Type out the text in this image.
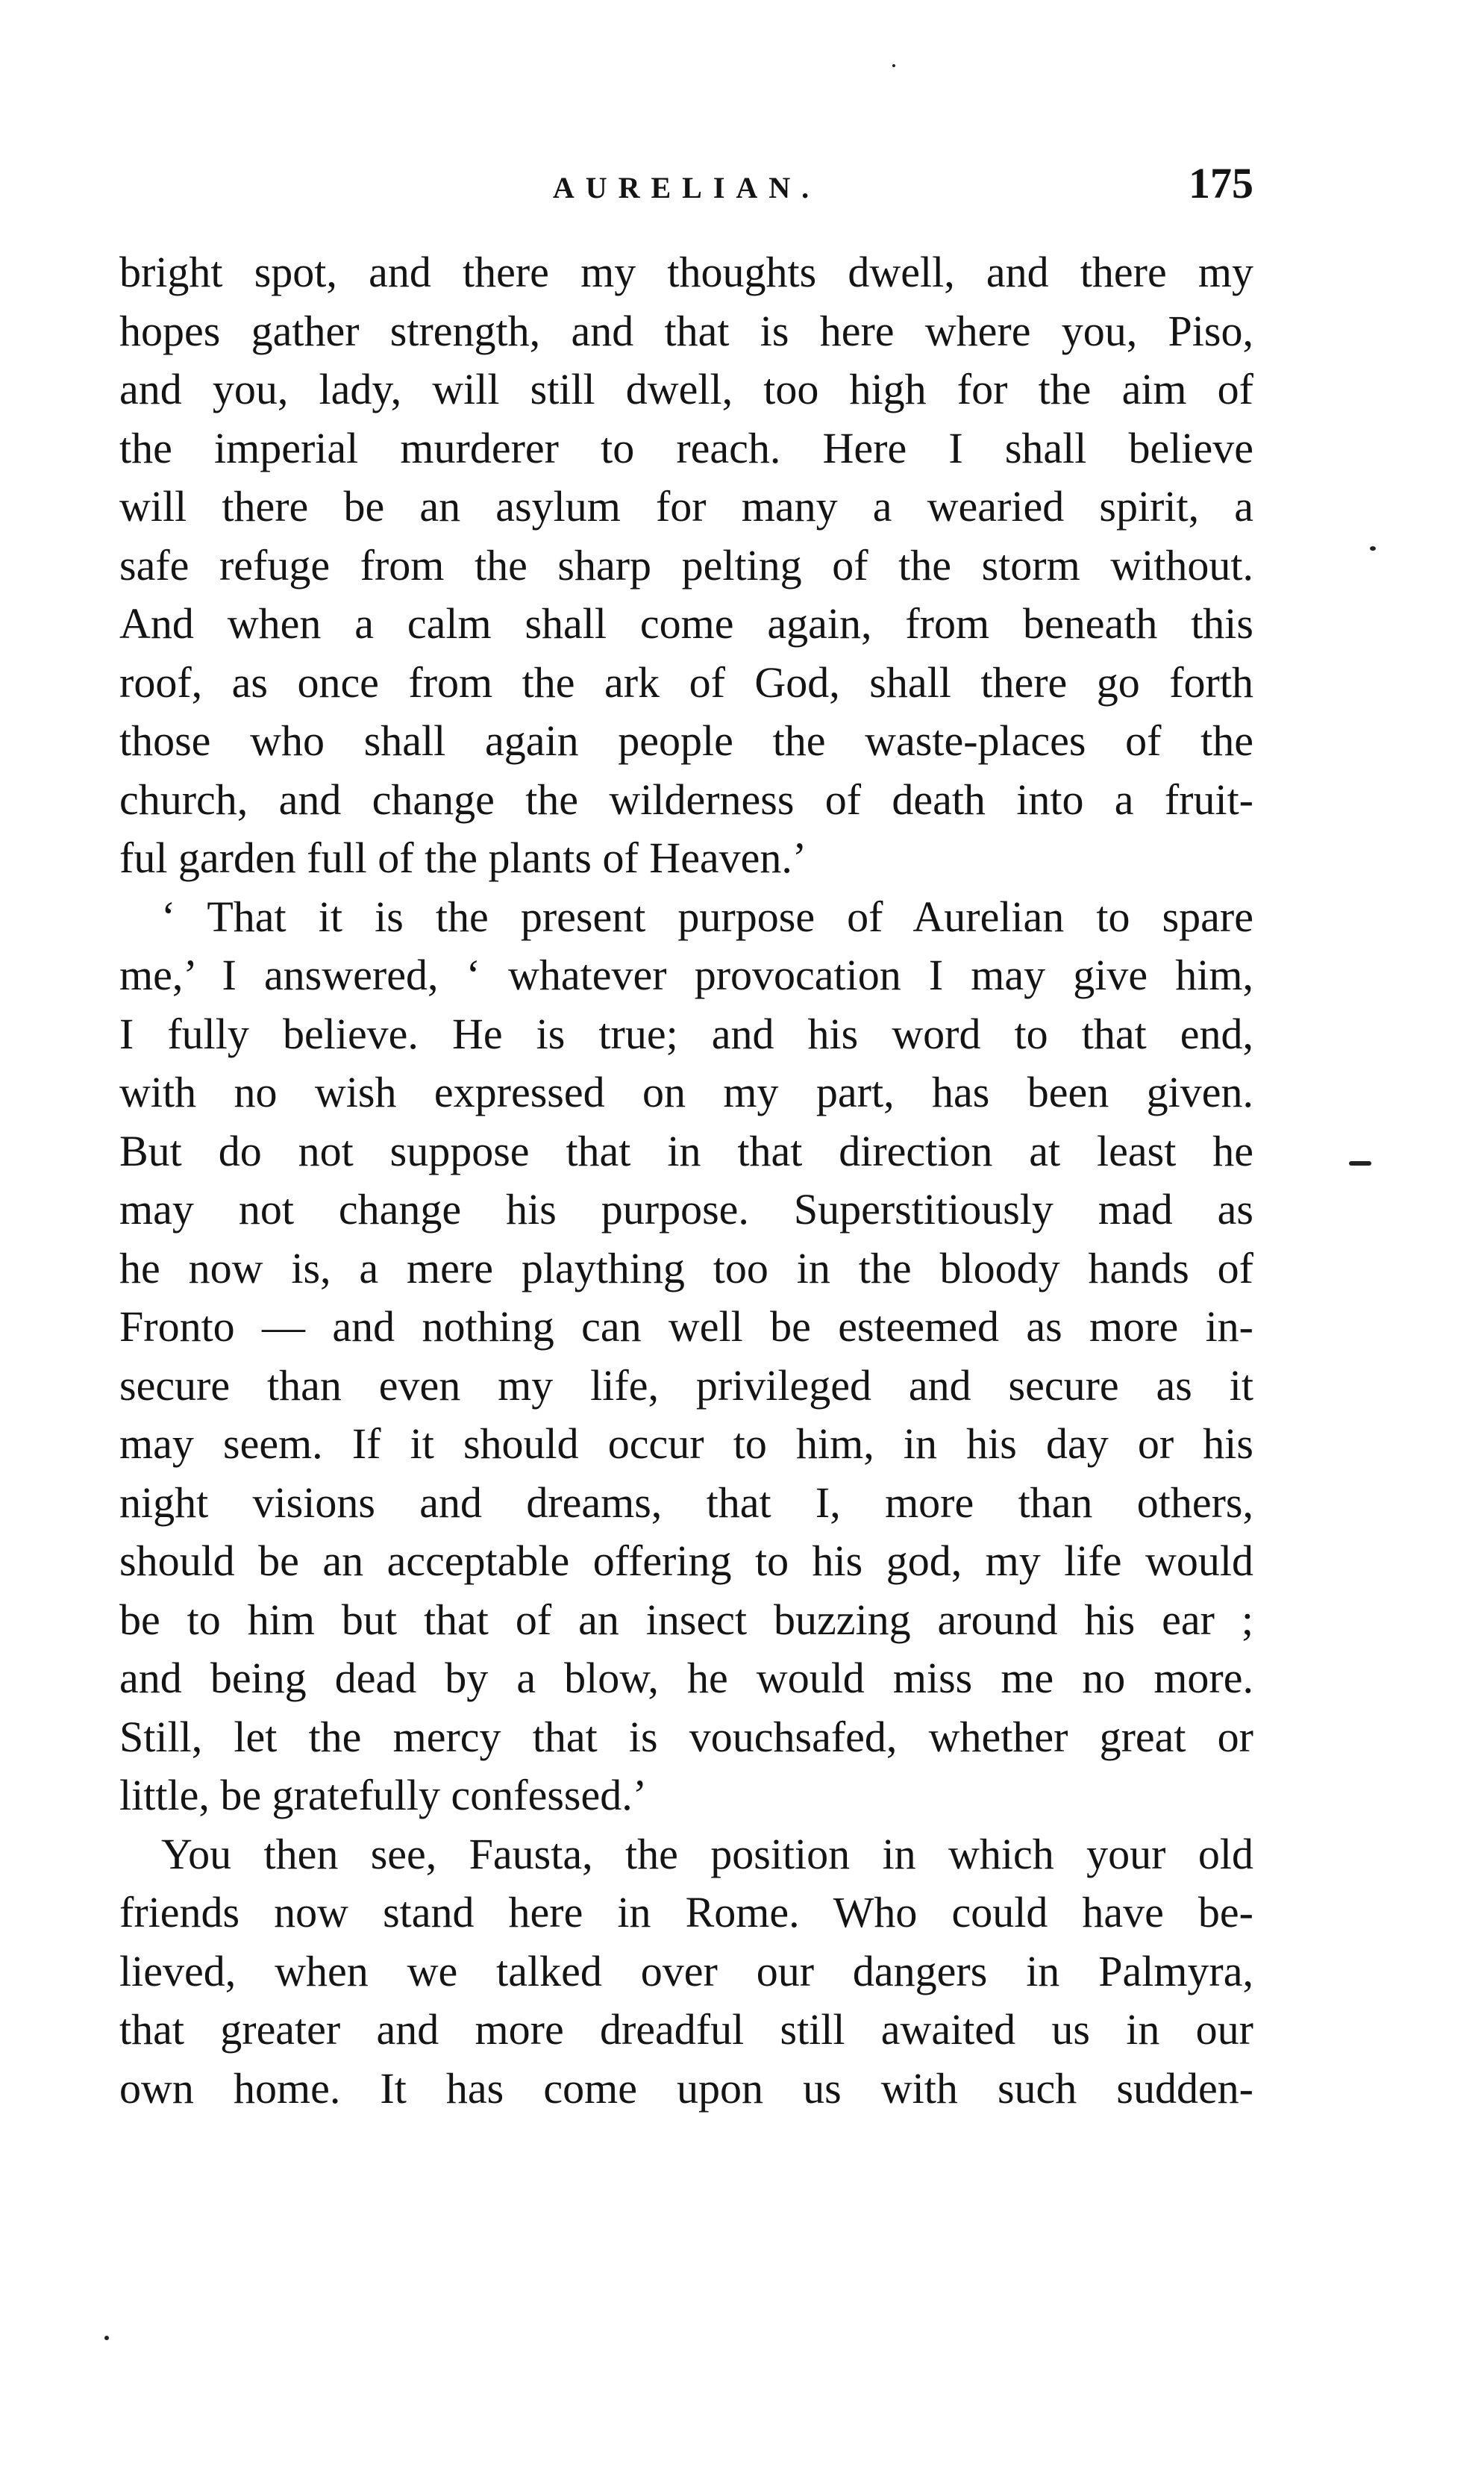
AURELIAN.	175
bright spot, and there my thoughts dwell, and there my
hopes gather strength, and that is here where you, Piso,
and you, lady, will still dwell, too high for the aim of
the imperial murderer to reach. Here I shall believe
will there be an asylum for many a wearied spirit, a
safe refuge from the sharp pelting of the storm without.
And when a calm shall come again, from beneath this
roof, as once from the ark of God, shall there go forth
those who shall again people the waste-places of the
church, and change the wilderness of death into a fruit-
ful garden full of the plants of Heaven.’
‘ That it is the present purpose of Aurelian to spare
me,’ I answered, ‘ whatever provocation I may give him,
I fully believe. He is true; and his word to that end,
with no wish expressed on my part, has been given.
But do not suppose that in that direction at least he
may not change his purpose. Superstitiously mad as
he now is, a mere plaything too in the bloody hands of
Fronto — and nothing can well be esteemed as more in-
secure than even my life, privileged and secure as it
may seem. If it should occur to him, in his day or his
night visions and dreams, that I, more than others,
should be an acceptable offering to his god, my life would
be to him but that of an insect buzzing around his ear ;
and being dead by a blow, he would miss me no more.
Still, let the mercy that is vouchsafed, whether great or
little, be gratefully confessed.’
You then see, Fausta, the position in which your old
friends now stand here in Rome. Who could have be-
lieved, when we talked over our dangers in Palmyra,
that greater and more dreadful still awaited us in our
own home. It has come upon us with such sudden-
